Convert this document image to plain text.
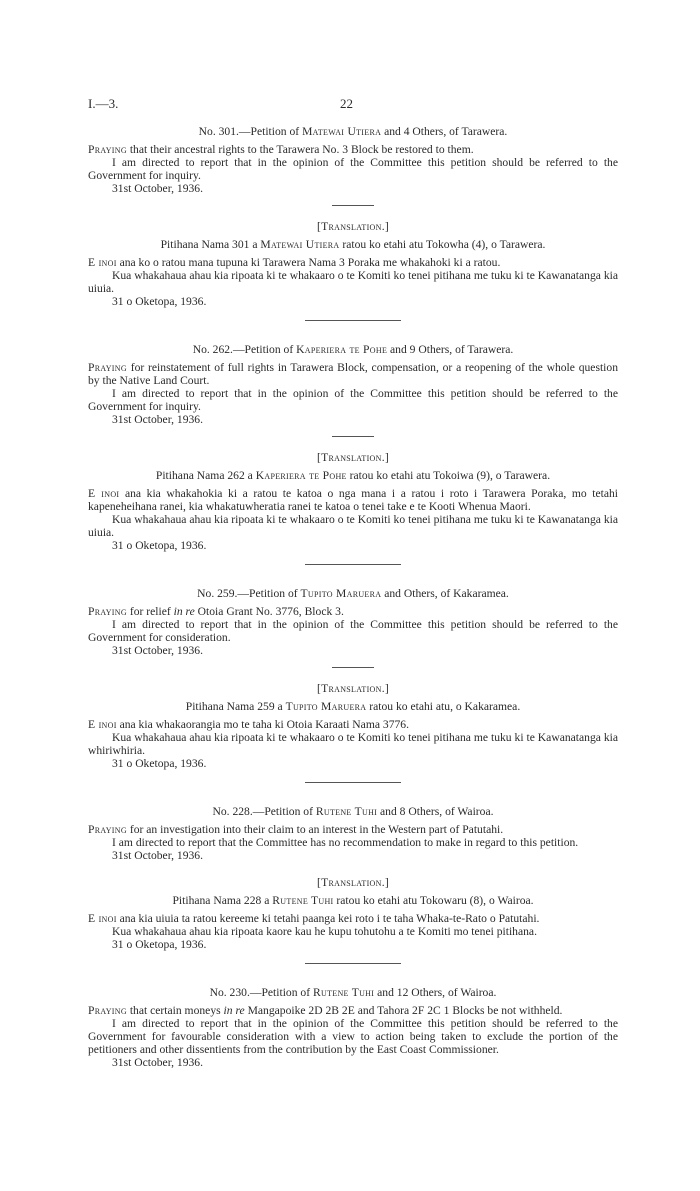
I.—3.	22
No. 301.—Petition of Matewai Utiera and 4 Others, of Tarawera.

Praying that their ancestral rights to the Tarawera No. 3 Block be restored to them.

I am directed to report that in the opinion of the Committee this petition should be referred to the Government for inquiry.

31st October, 1936.

[Translation.]
Pitihana Nama 301 a Matewai Utiera ratou ko etahi atu Tokowha (4), o Tarawera.

E inoi ana ko o ratou mana tupuna ki Tarawera Nama 3 Poraka me whakahoki ki a ratou.

Kua whakahaua ahau kia ripoata ki te whakaaro o te Komiti ko tenei pitihana me tuku ki te Kawanatanga kia uiuia.

31 o Oketopa, 1936.

No. 262.—Petition of Kaperiera te Pohe and 9 Others, of Tarawera.

Praying for reinstatement of full rights in Tarawera Block, compensation, or a reopening of the whole question by the Native Land Court.

I am directed to report that in the opinion of the Committee this petition should be referred to the Government for inquiry.

31st October, 1936.

[Translation.]
Pitihana Nama 262 a Kaperiera te Pohe ratou ko etahi atu Tokoiwa (9), o Tarawera.

E inoi ana kia whakahokia ki a ratou te katoa o nga mana i a ratou i roto i Tarawera Poraka, mo tetahi kapeneheihana ranei, kia whakatuwheratia ranei te katoa o tenei take e te Kooti Whenua Maori.

Kua whakahaua ahau kia ripoata ki te whakaaro o te Komiti ko tenei pitihana me tuku ki te Kawanatanga kia uiuia.

31 o Oketopa, 1936.

No. 259.—Petition of Tupito Maruera and Others, of Kakaramea.

Praying for relief in re Otoia Grant No. 3776, Block 3.

I am directed to report that in the opinion of the Committee this petition should be referred to the Government for consideration.

31st October, 1936.

[Translation.]
Pitihana Nama 259 a Tupito Maruera ratou ko etahi atu, o Kakaramea.

E inoi ana kia whakaorangia mo te taha ki Otoia Karaati Nama 3776.

Kua whakahaua ahau kia ripoata ki te whakaaro o te Komiti ko tenei pitihana me tuku ki te Kawanatanga kia whiriwhiria.

31 o Oketopa, 1936.

No. 228.—Petition of Rutene Tuhi and 8 Others, of Wairoa.

Praying for an investigation into their claim to an interest in the Western part of Patutahi.

I am directed to report that the Committee has no recommendation to make in regard to this petition.

31st October, 1936.

[Translation.]
Pitihana Nama 228 a Rutene Tuhi ratou ko etahi atu Tokowaru (8), o Wairoa.

E inoi ana kia uiuia ta ratou kereeme ki tetahi paanga kei roto i te taha Whaka-te-Rato o Patutahi.

Kua whakahaua ahau kia ripoata kaore kau he kupu tohutohu a te Komiti mo tenei pitihana.

31 o Oketopa, 1936.

No. 230.—Petition of Rutene Tuhi and 12 Others, of Wairoa.

Praying that certain moneys in re Mangapoike 2D 2B 2E and Tahora 2F 2C 1 Blocks be not withheld.

I am directed to report that in the opinion of the Committee this petition should be referred to the Government for favourable consideration with a view to action being taken to exclude the portion of the petitioners and other dissentients from the contribution by the East Coast Commissioner.

31st October, 1936.
